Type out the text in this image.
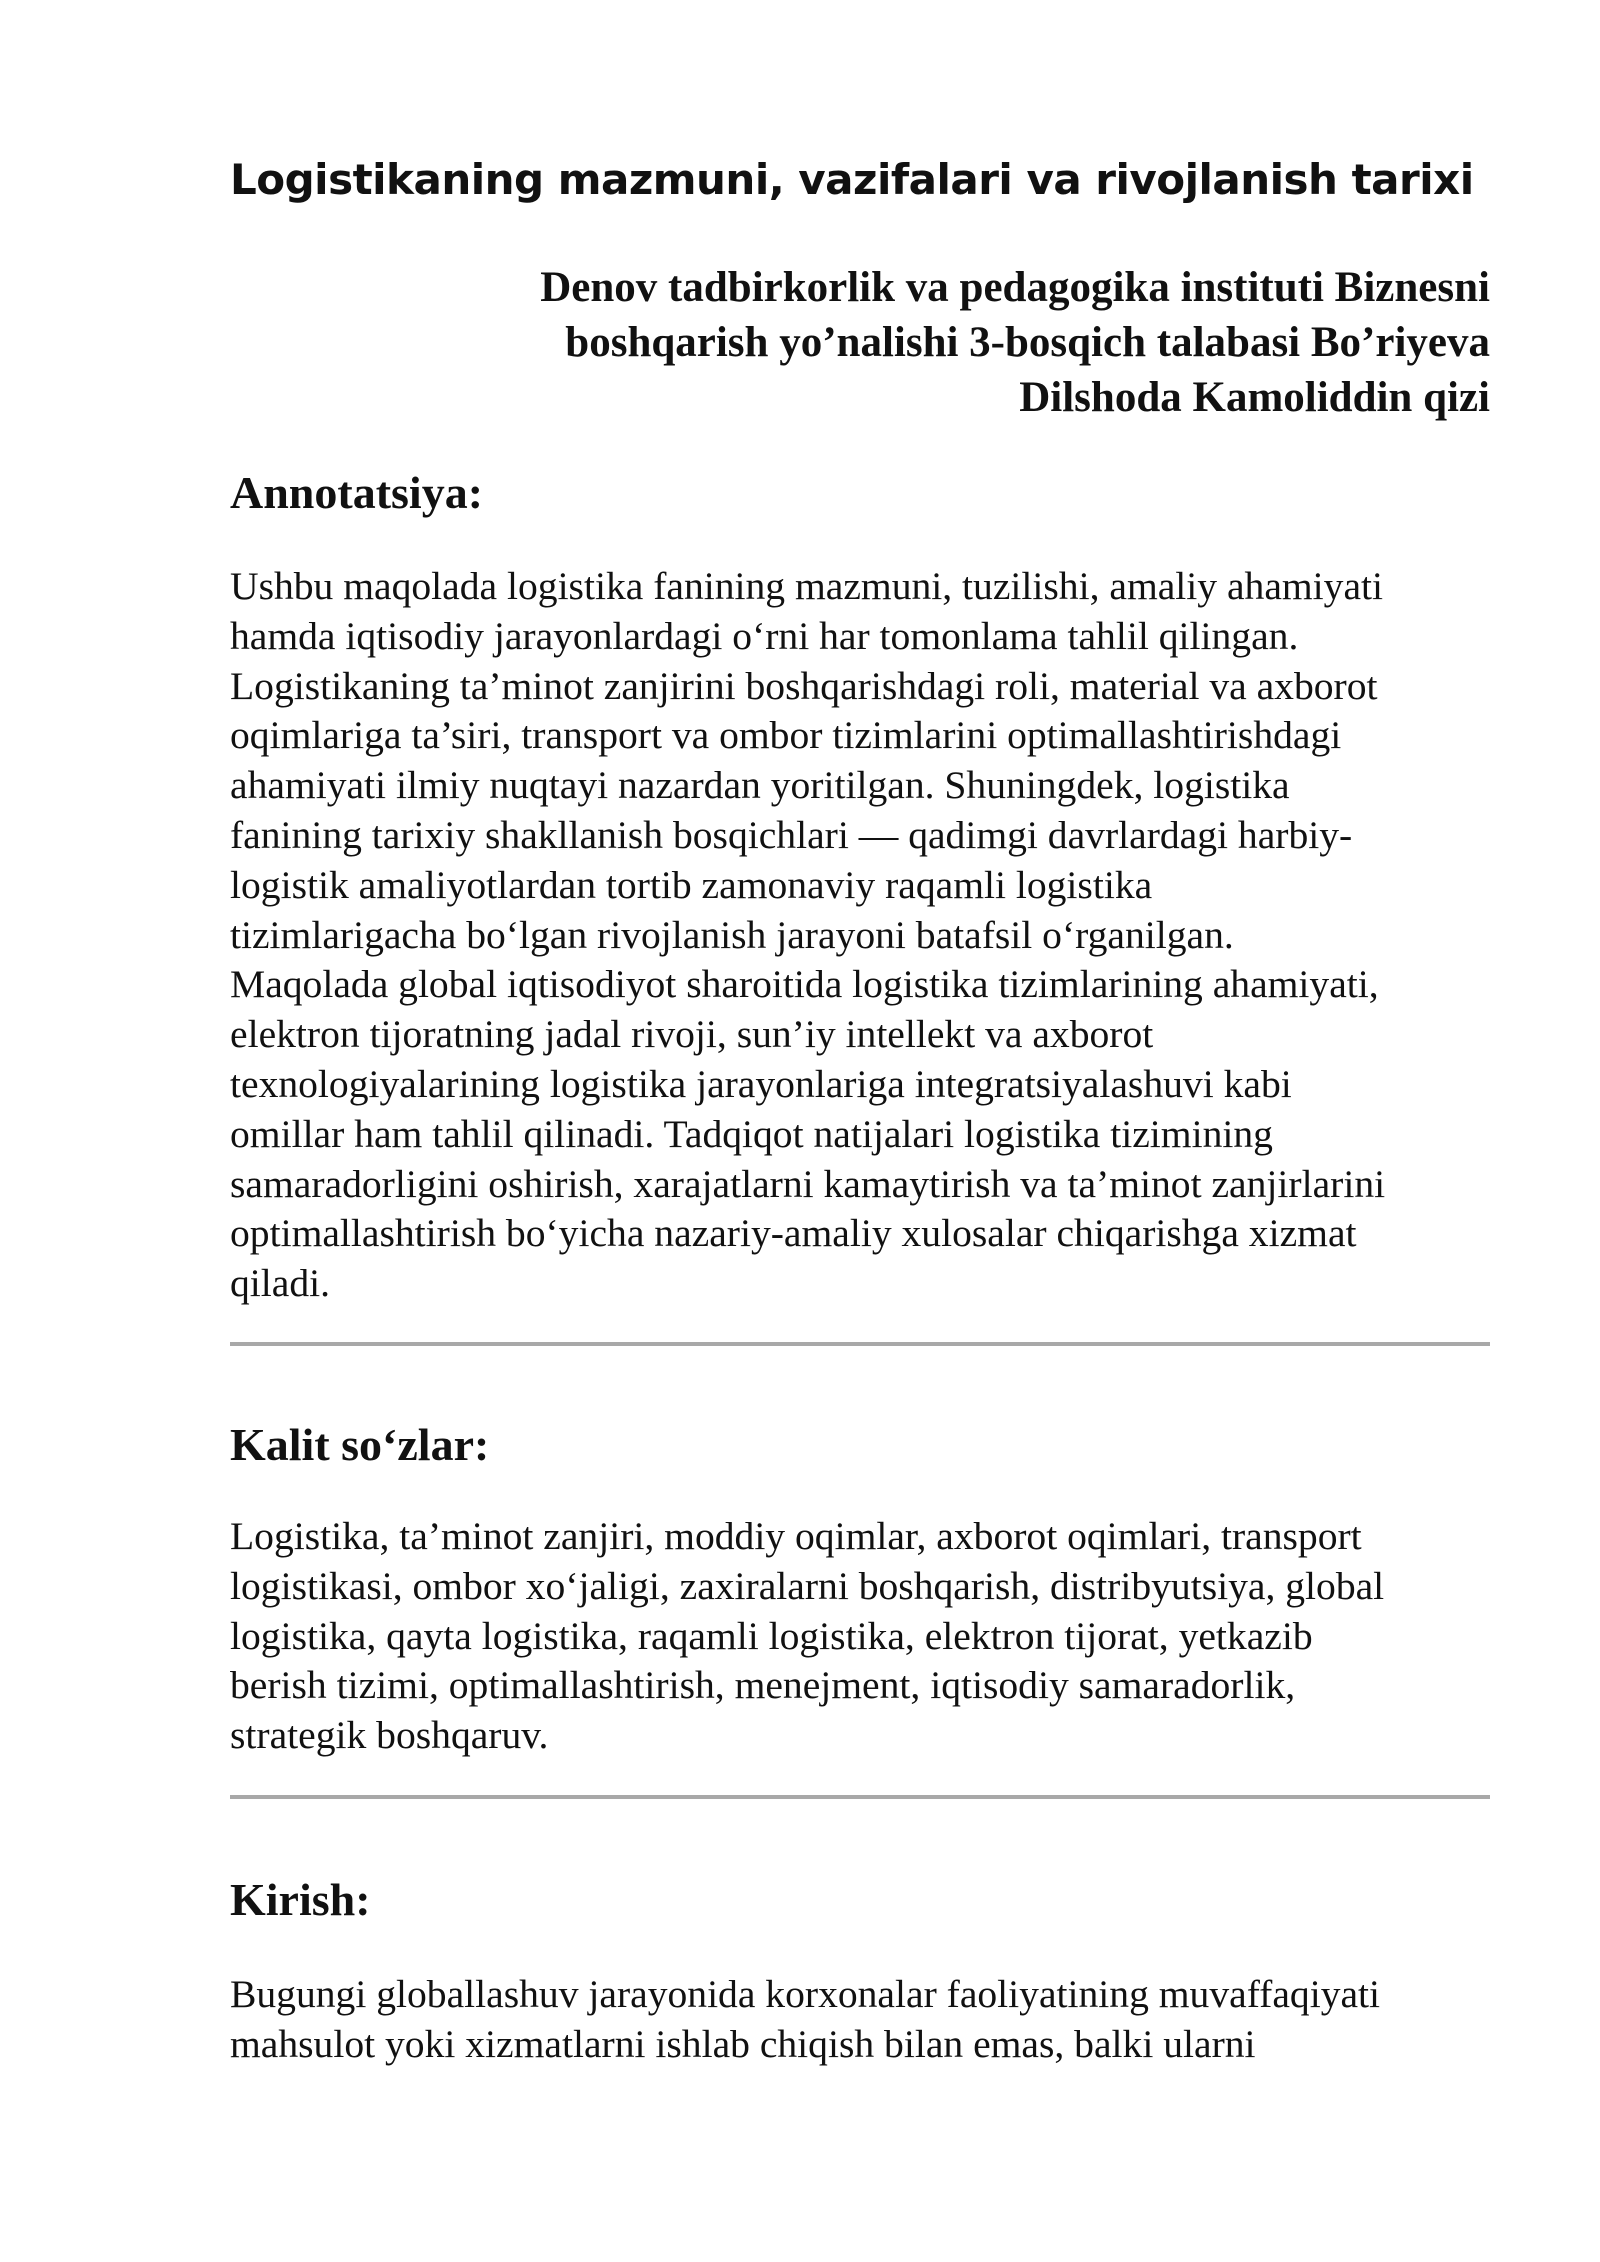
Logistikaning mazmuni, vazifalari va rivojlanish tarixi
Denov tadbirkorlik va pedagogika instituti Biznesni
boshqarish yo’nalishi 3-bosqich talabasi Bo’riyeva
Dilshoda Kamoliddin qizi
Annotatsiya:
Ushbu maqolada logistika fanining mazmuni, tuzilishi, amaliy ahamiyati
hamda iqtisodiy jarayonlardagi o‘rni har tomonlama tahlil qilingan.
Logistikaning ta’minot zanjirini boshqarishdagi roli, material va axborot
oqimlariga ta’siri, transport va ombor tizimlarini optimallashtirishdagi
ahamiyati ilmiy nuqtayi nazardan yoritilgan. Shuningdek, logistika
fanining tarixiy shakllanish bosqichlari — qadimgi davrlardagi harbiy-
logistik amaliyotlardan tortib zamonaviy raqamli logistika
tizimlarigacha bo‘lgan rivojlanish jarayoni batafsil o‘rganilgan.
Maqolada global iqtisodiyot sharoitida logistika tizimlarining ahamiyati,
elektron tijoratning jadal rivoji, sun’iy intellekt va axborot
texnologiyalarining logistika jarayonlariga integratsiyalashuvi kabi
omillar ham tahlil qilinadi. Tadqiqot natijalari logistika tizimining
samaradorligini oshirish, xarajatlarni kamaytirish va ta’minot zanjirlarini
optimallashtirish bo‘yicha nazariy-amaliy xulosalar chiqarishga xizmat
qiladi.
Kalit so‘zlar:
Logistika, ta’minot zanjiri, moddiy oqimlar, axborot oqimlari, transport
logistikasi, ombor xo‘jaligi, zaxiralarni boshqarish, distribyutsiya, global
logistika, qayta logistika, raqamli logistika, elektron tijorat, yetkazib
berish tizimi, optimallashtirish, menejment, iqtisodiy samaradorlik,
strategik boshqaruv.
Kirish:
Bugungi globallashuv jarayonida korxonalar faoliyatining muvaffaqiyati
mahsulot yoki xizmatlarni ishlab chiqish bilan emas, balki ularni
